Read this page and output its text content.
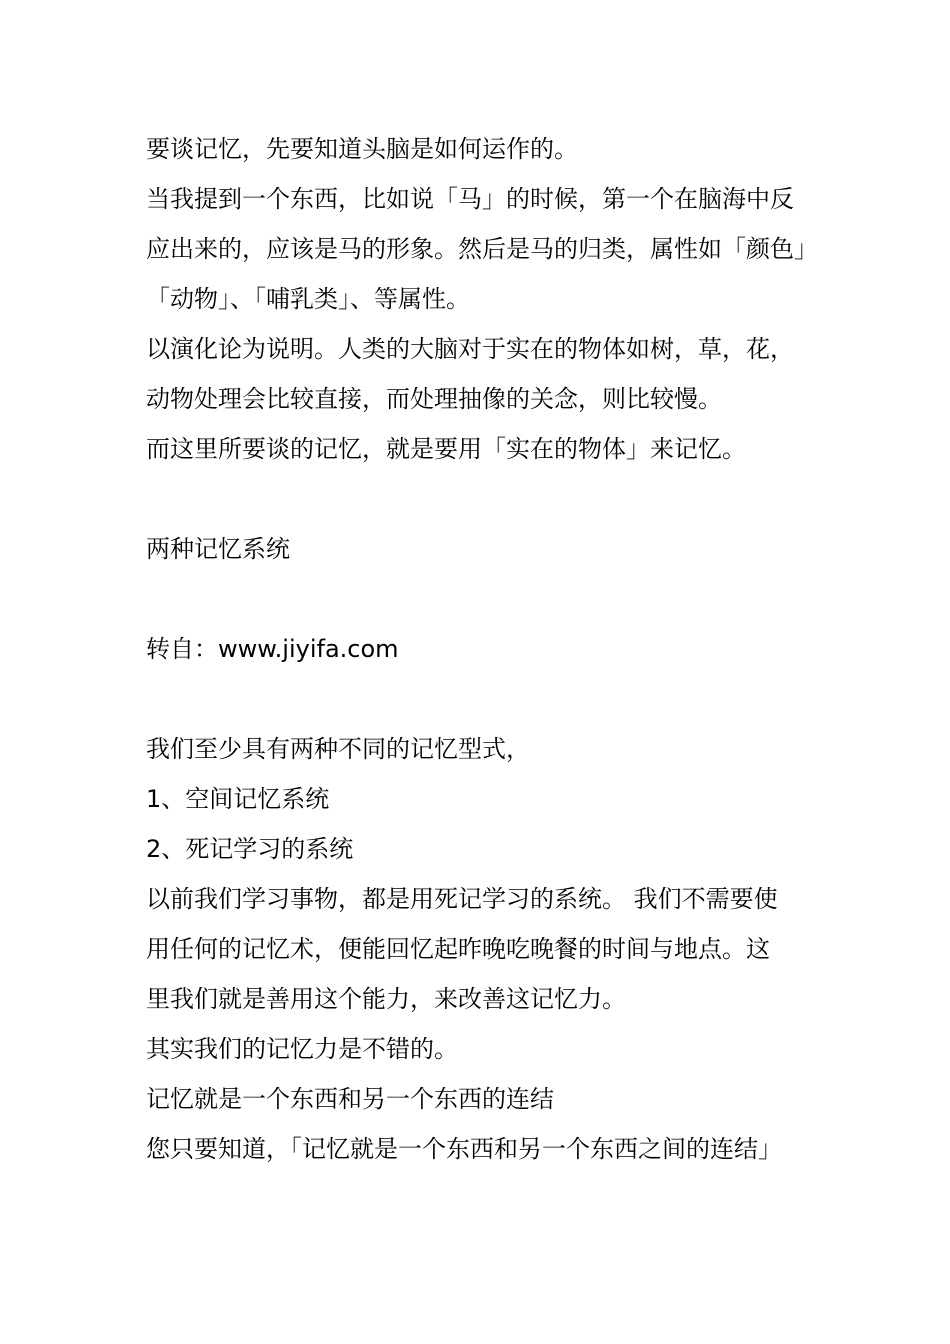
要谈记忆，先要知道头脑是如何运作的。
当我提到一个东西，比如说「马」的时候，第一个在脑海中反
应出来的，应该是马的形象。然后是马的归类，属性如「颜色」
「动物」、「哺乳类」、等属性。
以演化论为说明。人类的大脑对于实在的物体如树，草，花，
动物处理会比较直接，而处理抽像的关念，则比较慢。
而这里所要谈的记忆，就是要用「实在的物体」来记忆。
两种记忆系统
转自：www.jiyifa.com
我们至少具有两种不同的记忆型式，
1、空间记忆系统
2、死记学习的系统
以前我们学习事物，都是用死记学习的系统。 我们不需要使
用任何的记忆术，便能回忆起昨晚吃晚餐的时间与地点。这
里我们就是善用这个能力，来改善这记忆力。
其实我们的记忆力是不错的。
记忆就是一个东西和另一个东西的连结
您只要知道，「记忆就是一个东西和另一个东西之间的连结」
